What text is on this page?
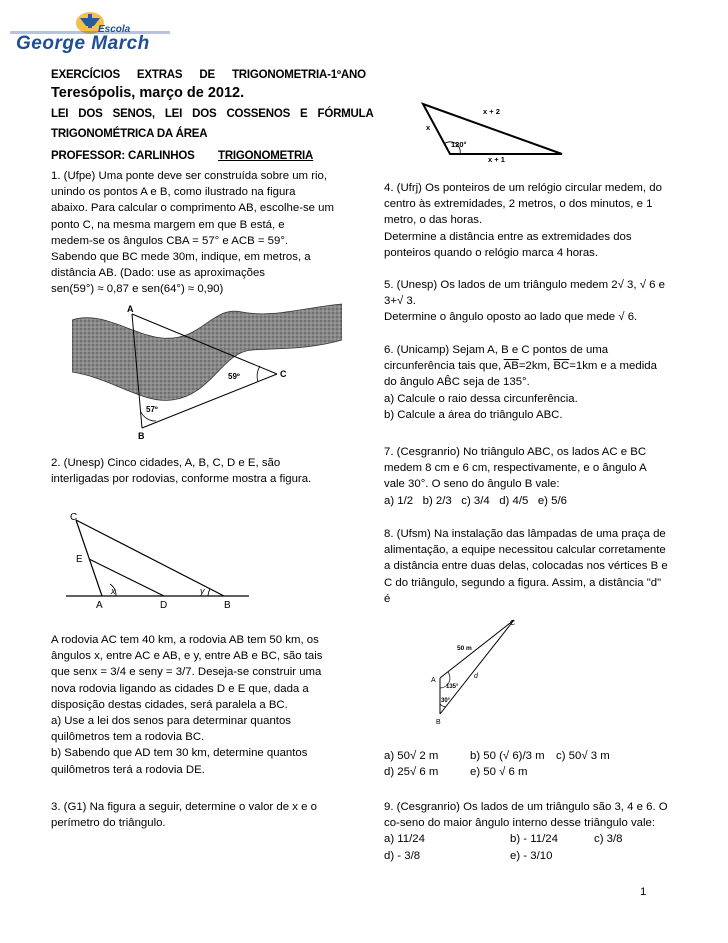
Escola
George March
EXERCÍCIOS EXTRAS DE TRIGONOMETRIA-1ºANO
Teresópolis, março de 2012.
LEI DOS SENOS, LEI DOS COSSENOS E FÓRMULA
TRIGONOMÉTRICA DA ÁREA
PROFESSOR: CARLINHOS TRIGONOMETRIA

1. (Ufpe) Uma ponte deve ser construída sobre um rio,

unindo os pontos A e B, como ilustrado na figura

abaixo. Para calcular o comprimento AB, escolhe-se um

ponto C, na mesma margem em que B está, e

medem-se os ângulos CBA = 57° e ACB = 59°.

Sabendo que BC mede 30m, indique, em metros, a

distância AB. (Dado: use as aproximações

sen(59°) ≈ 0,87 e sen(64°) ≈ 0,90)

A
B
C
59º
57º

2. (Unesp) Cinco cidades, A, B, C, D e E, são

interligadas por rodovias, conforme mostra a figura.

C
E
A	D	B
x	y

A rodovia AC tem 40 km, a rodovia AB tem 50 km, os

ângulos x, entre AC e AB, e y, entre AB e BC, são tais

que senx = 3/4 e seny = 3/7. Deseja-se construir uma

nova rodovia ligando as cidades D e E que, dada a

disposição destas cidades, será paralela a BC.

a) Use a lei dos senos para determinar quantos

quilômetros tem a rodovia BC.

b) Sabendo que AD tem 30 km, determine quantos

quilômetros terá a rodovia DE.

3. (G1) Na figura a seguir, determine o valor de x e o

perímetro do triângulo.

x + 2
x
120°
x + 1

4. (Ufrj) Os ponteiros de um relógio circular medem, do

centro às extremidades, 2 metros, o dos minutos, e 1

metro, o das horas.

Determine a distância entre as extremidades dos

ponteiros quando o relógio marca 4 horas.

5. (Unesp) Os lados de um triângulo medem 2√ 3, √ 6 e

3+√ 3.

Determine o ângulo oposto ao lado que mede √ 6.

6. (Unicamp) Sejam A, B e C pontos de uma

circunferência tais que, $\overline{AB}=2km$, $\overline{BC}=1km$ e a medida

do ângulo AB̂C seja de 135°.

a) Calcule o raio dessa circunferência.

b) Calcule a área do triângulo ABC.

7. (Cesgranrio) No triângulo ABC, os lados AC e BC

medem 8 cm e 6 cm, respectivamente, e o ângulo A

vale 30°. O seno do ângulo B vale:

a) 1/2   b) 2/3   c) 3/4   d) 4/5   e) 5/6

8. (Ufsm) Na instalação das lâmpadas de uma praça de

alimentação, a equipe necessitou calcular corretamente

a distância entre duas delas, colocadas nos vértices B e

C do triângulo, segundo a figura. Assim, a distância "d"

é

C
A
B
d
50 m
135°
30°

a) 50√ 2 m	b) 50 (√ 6)/3 m c) 50√ 3 m

d) 25√ 6 m	e) 50 √ 6 m

9. (Cesgranrio) Os lados de um triângulo são 3, 4 e 6. O

co-seno do maior ângulo interno desse triângulo vale:

a) 11/24	b) - 11/24	c) 3/8

d) - 3/8	e) - 3/10

1
